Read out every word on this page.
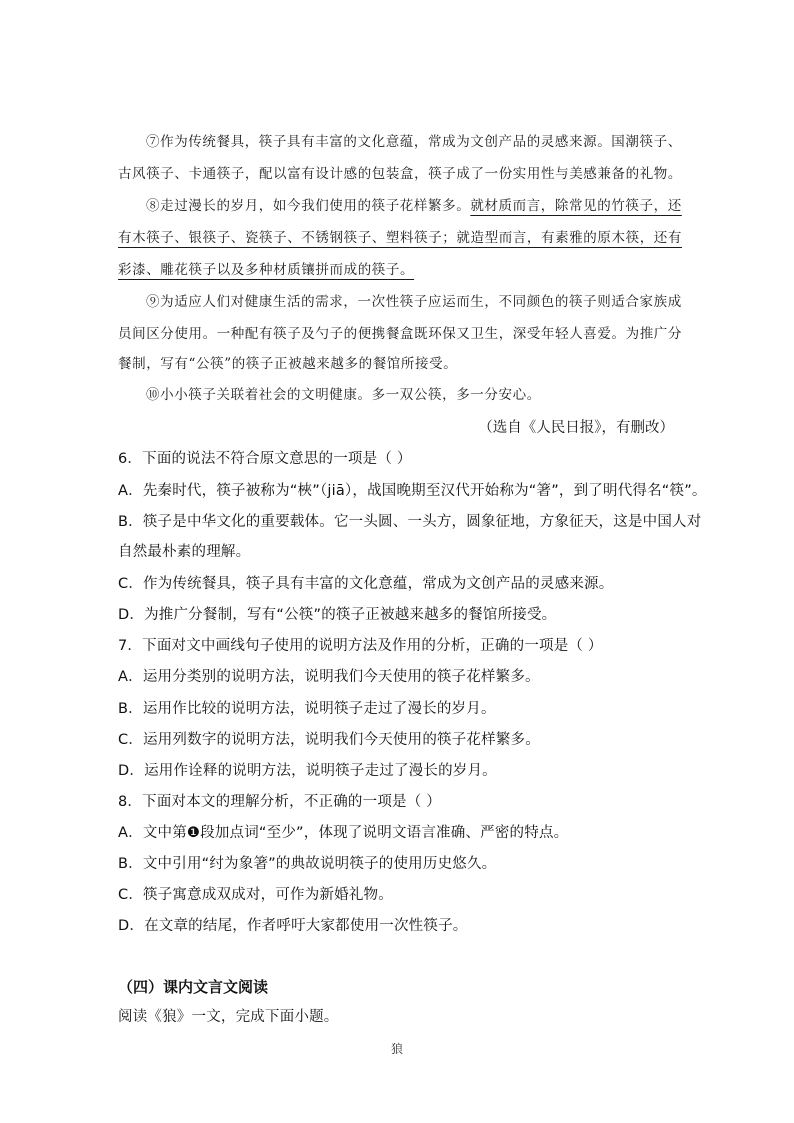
⑦作为传统餐具，筷子具有丰富的文化意蕴，常成为文创产品的灵感来源。国潮筷子、
古风筷子、卡通筷子，配以富有设计感的包装盒，筷子成了一份实用性与美感兼备的礼物。
⑧走过漫长的岁月，如今我们使用的筷子花样繁多。就材质而言，除常见的竹筷子，还
有木筷子、银筷子、瓷筷子、不锈钢筷子、塑料筷子；就造型而言，有素雅的原木筷，还有
彩漆、雕花筷子以及多种材质镶拼而成的筷子。
⑨为适应人们对健康生活的需求，一次性筷子应运而生，不同颜色的筷子则适合家族成
员间区分使用。一种配有筷子及勺子的便携餐盒既环保又卫生，深受年轻人喜爱。为推广分
餐制，写有“公筷”的筷子正被越来越多的餐馆所接受。
⑩小小筷子关联着社会的文明健康。多一双公筷，多一分安心。
（选自《人民日报》，有删改）
6．下面的说法不符合原文意思的一项是（ ）
A．先秦时代，筷子被称为“梜”（jiā），战国晚期至汉代开始称为“箸”，到了明代得名“筷”。
B．筷子是中华文化的重要载体。它一头圆、一头方，圆象征地，方象征天，这是中国人对
自然最朴素的理解。
C．作为传统餐具，筷子具有丰富的文化意蕴，常成为文创产品的灵感来源。
D．为推广分餐制，写有“公筷”的筷子正被越来越多的餐馆所接受。
7．下面对文中画线句子使用的说明方法及作用的分析，正确的一项是（ ）
A．运用分类别的说明方法，说明我们今天使用的筷子花样繁多。
B．运用作比较的说明方法，说明筷子走过了漫长的岁月。
C．运用列数字的说明方法，说明我们今天使用的筷子花样繁多。
D．运用作诠释的说明方法，说明筷子走过了漫长的岁月。
8．下面对本文的理解分析，不正确的一项是（ ）
A．文中第❶段加点词“至少”，体现了说明文语言准确、严密的特点。
B．文中引用“纣为象箸”的典故说明筷子的使用历史悠久。
C．筷子寓意成双成对，可作为新婚礼物。
D．在文章的结尾，作者呼吁大家都使用一次性筷子。
（四）课内文言文阅读
阅读《狼》一文，完成下面小题。
狼
